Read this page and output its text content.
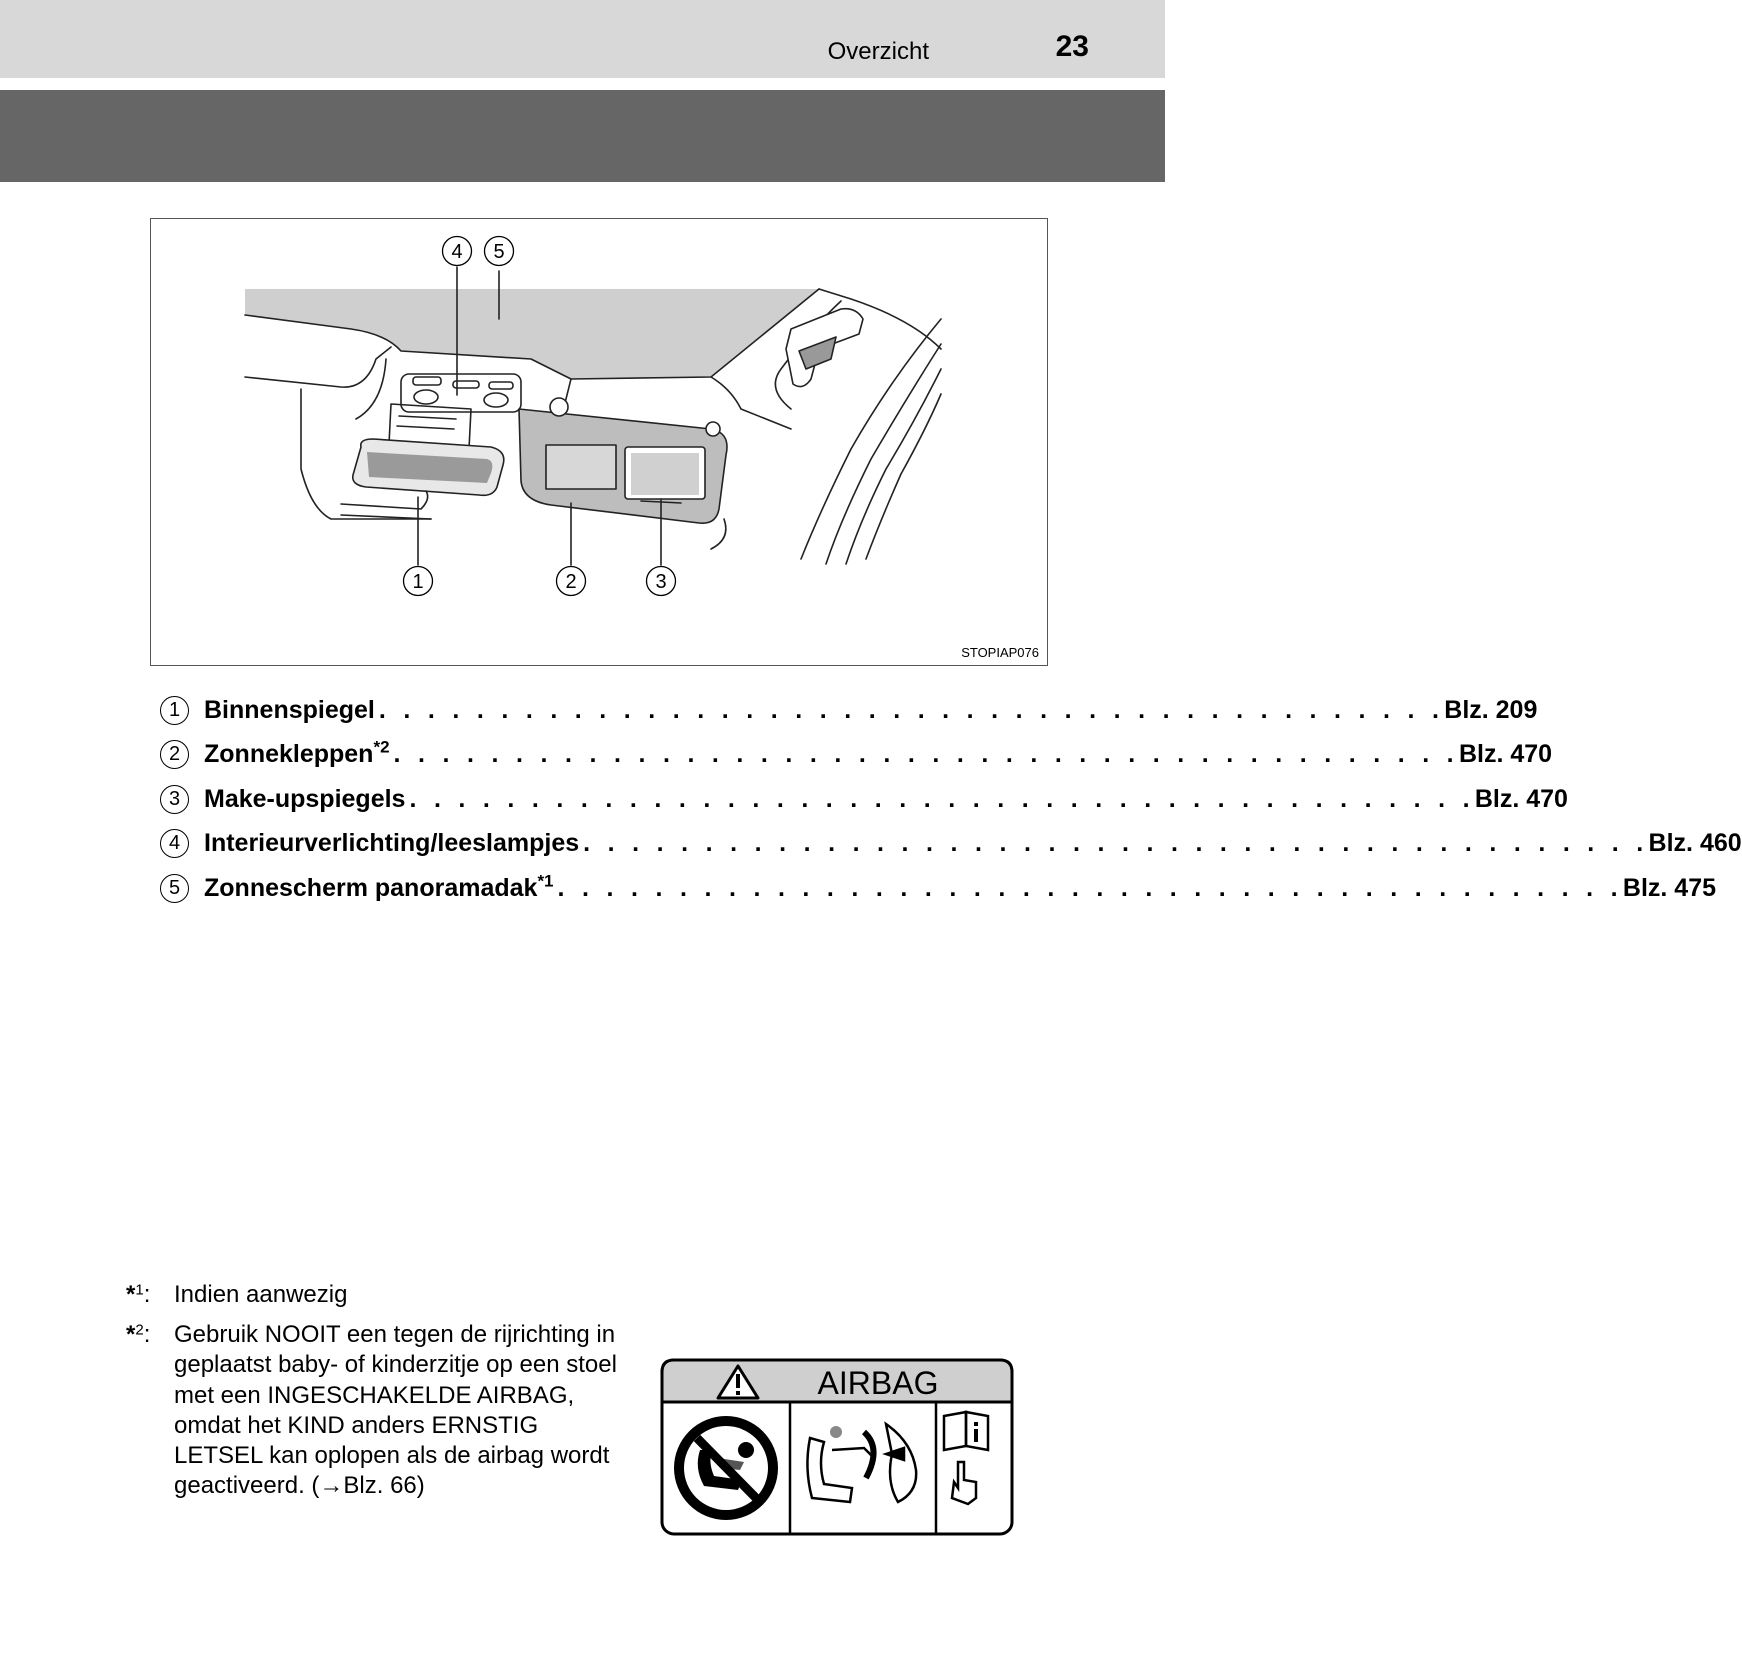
Overzicht	23
4 5
1	2	3
STOPIAP076
1 Binnenspiegel . . . . . . . . . . . . . . . . . . . . . . . . . . . . . . . . . . . . . . . . . . . . Blz. 209
2 Zonnekleppen$^{*2}$ . . . . . . . . . . . . . . . . . . . . . . . . . . . . . . . . . . . . . . . . . . . . Blz. 470
3 Make-upspiegels . . . . . . . . . . . . . . . . . . . . . . . . . . . . . . . . . . . . . . . . . . . . Blz. 470
4 Interieurverlichting/leeslampjes . . . . . . . . . . . . . . . . . . . . . . . . . . . . . . . . . . . . . . . . . . . . Blz. 460
5 Zonnescherm panoramadak$^{*1}$ . . . . . . . . . . . . . . . . . . . . . . . . . . . . . . . . . . . . . . . . . . . . Blz. 475
*$^1$: Indien aanwezig
*$^2$: Gebruik NOOIT een tegen de rijrichting in geplaatst baby- of kinderzitje op een stoel met een INGESCHAKELDE AIRBAG, omdat het KIND anders ERNSTIG LETSEL kan oplopen als de airbag wordt geactiveerd. (→Blz. 66)
AIRBAG
